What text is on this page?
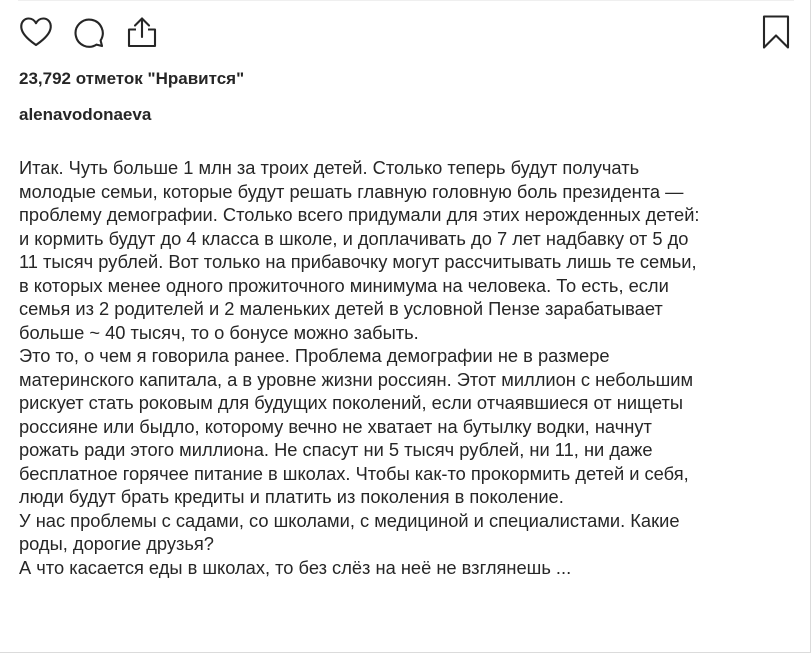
23,792 отметок "Нравится"
alenavodonaeva

Итак. Чуть больше 1 млн за троих детей. Столько теперь будут получать

молодые семьи, которые будут решать главную головную боль президента —

проблему демографии. Столько всего придумали для этих нерожденных детей:

и кормить будут до 4 класса в школе, и доплачивать до 7 лет надбавку от 5 до

11 тысяч рублей. Вот только на прибавочку могут рассчитывать лишь те семьи,

в которых менее одного прожиточного минимума на человека. То есть, если

семья из 2 родителей и 2 маленьких детей в условной Пензе зарабатывает

больше ~ 40 тысяч, то о бонусе можно забыть.

Это то, о чем я говорила ранее. Проблема демографии не в размере

материнского капитала, а в уровне жизни россиян. Этот миллион с небольшим

рискует стать роковым для будущих поколений, если отчаявшиеся от нищеты

россияне или быдло, которому вечно не хватает на бутылку водки, начнут

рожать ради этого миллиона. Не спасут ни 5 тысяч рублей, ни 11, ни даже

бесплатное горячее питание в школах. Чтобы как-то прокормить детей и себя,

люди будут брать кредиты и платить из поколения в поколение.

У нас проблемы с садами, со школами, с медициной и специалистами. Какие

роды, дорогие друзья?

А что касается еды в школах, то без слёз на неё не взглянешь ...
